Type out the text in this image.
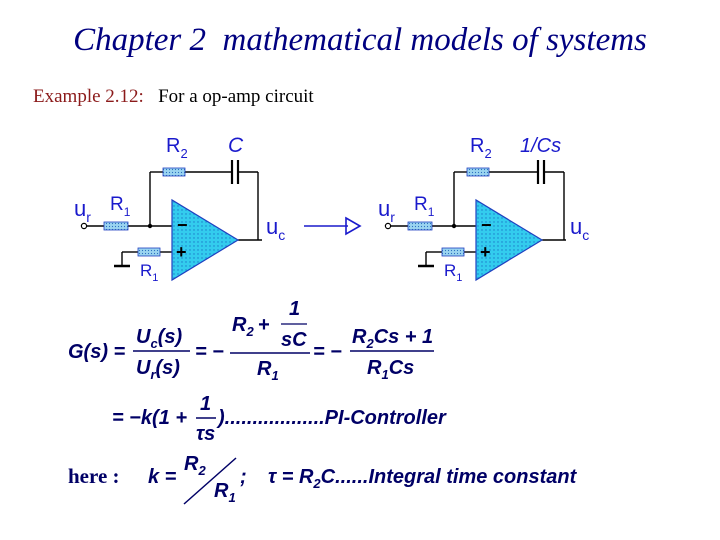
Chapter 2  mathematical models of systems
Example 2.12: For a op-amp circuit
−
+
$R_2$ C
$u_r$
$R_1$
$R_1$
$u_c$	−
+
$R_2$ 1/Cs
$u_r$
$R_1$
$R_1$
$u_c$
G(s) =
$U_c(s)$
$U_r(s)$
= −
$R_2$ +
1
sC
$R_1$
= −
$R_2Cs + 1$
$R_1Cs$
= −k(1 +
1
τs
)..................PI-Controller
here : k =
$R_2$
$R_1$
; $\tau = R_2C......Integral$ time constant
